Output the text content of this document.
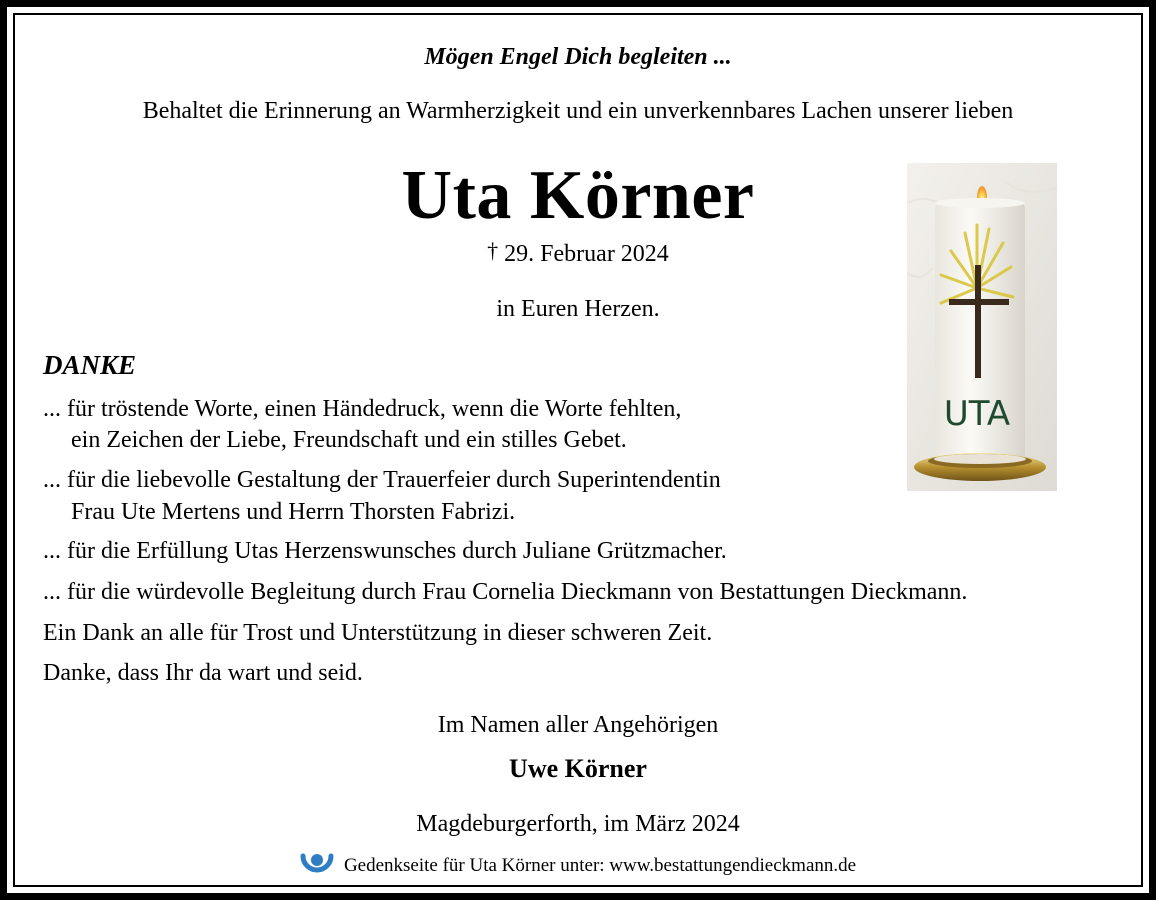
Mögen Engel Dich begleiten ...
Behaltet die Erinnerung an Warmherzigkeit und ein unverkennbares Lachen unserer lieben
Uta Körner
† 29. Februar 2024
in Euren Herzen.
DANKE
... für tröstende Worte, einen Händedruck, wenn die Worte fehlten,
ein Zeichen der Liebe, Freundschaft und ein stilles Gebet.
... für die liebevolle Gestaltung der Trauerfeier durch Superintendentin
Frau Ute Mertens und Herrn Thorsten Fabrizi.
... für die Erfüllung Utas Herzenswunsches durch Juliane Grützmacher.
... für die würdevolle Begleitung durch Frau Cornelia Dieckmann von Bestattungen Dieckmann.
Ein Dank an alle für Trost und Unterstützung in dieser schweren Zeit.
Danke, dass Ihr da wart und seid.
Im Namen aller Angehörigen
Uwe Körner
Magdeburgerforth, im März 2024
Gedenkseite für Uta Körner unter: www.bestattungendieckmann.de
UTA
